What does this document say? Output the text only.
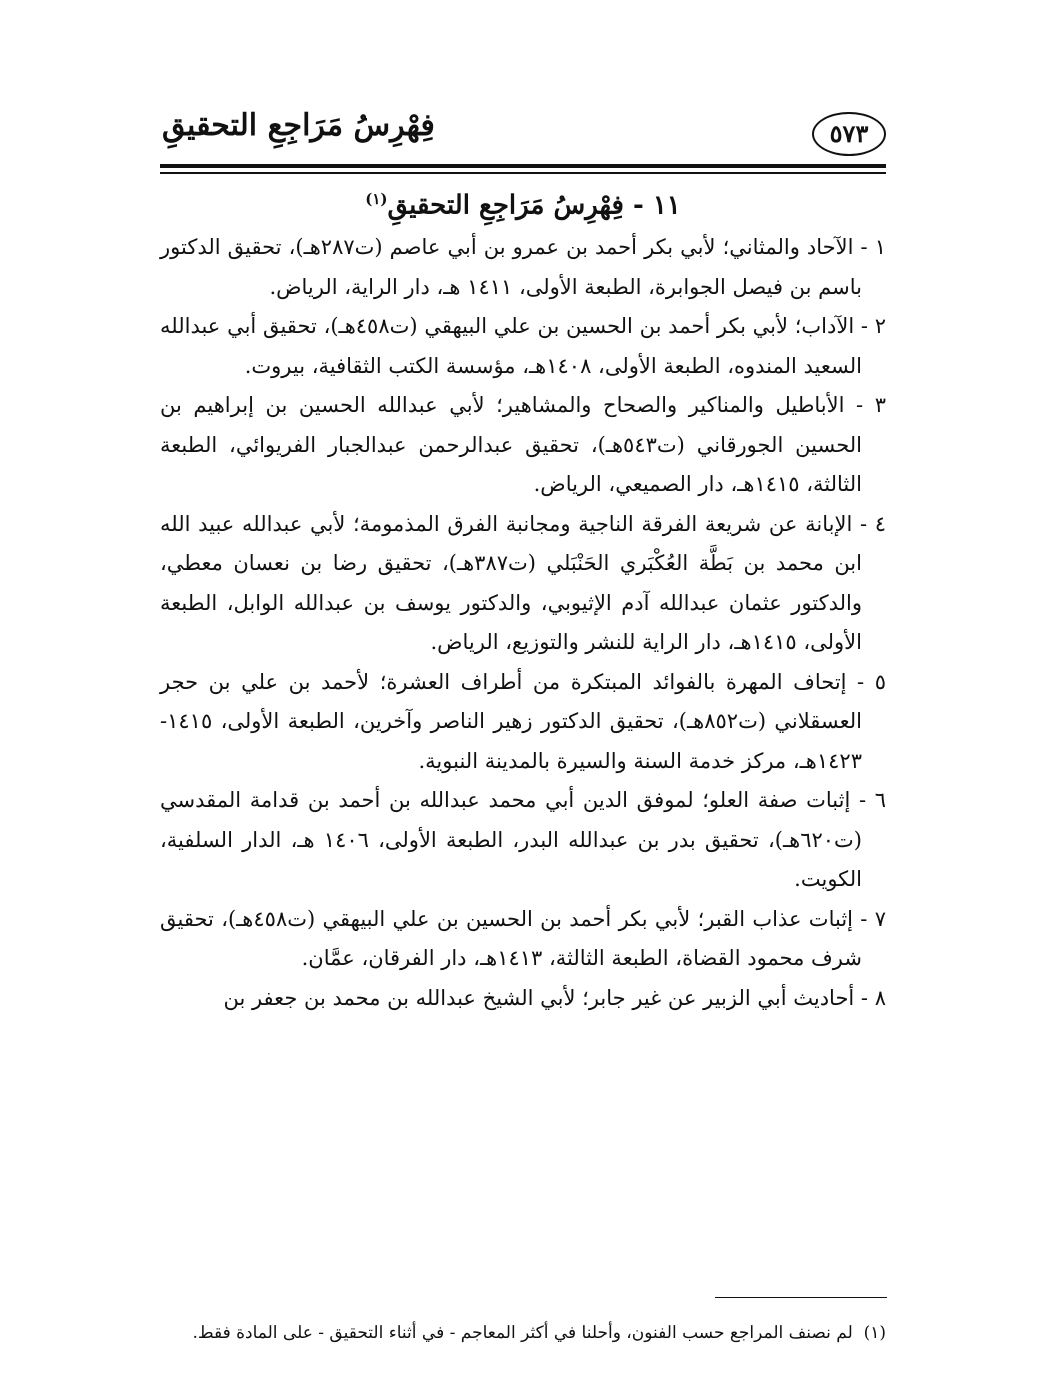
فِهْرِسُ مَرَاجِعِ التحقيقِ	٥٧٣
١١ - فِهْرِسُ مَرَاجِعِ التحقيقِ$^{(١)}$
١ - الآحاد والمثاني؛ لأبي بكر أحمد بن عمرو بن أبي عاصم (ت٢٨٧هـ)، تحقيق الدكتور باسم بن فيصل الجوابرة، الطبعة الأولى، ١٤١١ هـ، دار الراية، الرياض.
٢ - الآداب؛ لأبي بكر أحمد بن الحسين بن علي البيهقي (ت٤٥٨هـ)، تحقيق أبي عبدالله السعيد المندوه، الطبعة الأولى، ١٤٠٨هـ، مؤسسة الكتب الثقافية، بيروت.
٣ - الأباطيل والمناكير والصحاح والمشاهير؛ لأبي عبدالله الحسين بن إبراهيم بن الحسين الجورقاني (ت٥٤٣هـ)، تحقيق عبدالرحمن عبدالجبار الفريوائي، الطبعة الثالثة، ١٤١٥هـ، دار الصميعي، الرياض.
٤ - الإبانة عن شريعة الفرقة الناجية ومجانبة الفرق المذمومة؛ لأبي عبدالله عبيد الله ابن محمد بن بَطَّة العُكْبَري الحَنْبَلي (ت٣٨٧هـ)، تحقيق رضا بن نعسان معطي، والدكتور عثمان عبدالله آدم الإثيوبي، والدكتور يوسف بن عبدالله الوابل، الطبعة الأولى، ١٤١٥هـ، دار الراية للنشر والتوزيع، الرياض.
٥ - إتحاف المهرة بالفوائد المبتكرة من أطراف العشرة؛ لأحمد بن علي بن حجر العسقلاني (ت٨٥٢هـ)، تحقيق الدكتور زهير الناصر وآخرين، الطبعة الأولى، ١٤١٥- ١٤٢٣هـ، مركز خدمة السنة والسيرة بالمدينة النبوية.
٦ - إثبات صفة العلو؛ لموفق الدين أبي محمد عبدالله بن أحمد بن قدامة المقدسي (ت٦٢٠هـ)، تحقيق بدر بن عبدالله البدر، الطبعة الأولى، ١٤٠٦ هـ، الدار السلفية، الكويت.
٧ - إثبات عذاب القبر؛ لأبي بكر أحمد بن الحسين بن علي البيهقي (ت٤٥٨هـ)، تحقيق شرف محمود القضاة، الطبعة الثالثة، ١٤١٣هـ، دار الفرقان، عمَّان.
٨ - أحاديث أبي الزبير عن غير جابر؛ لأبي الشيخ عبدالله بن محمد بن جعفر بن
(١)  لم نصنف المراجع حسب الفنون، وأحلنا في أكثر المعاجم - في أثناء التحقيق - على المادة فقط.
